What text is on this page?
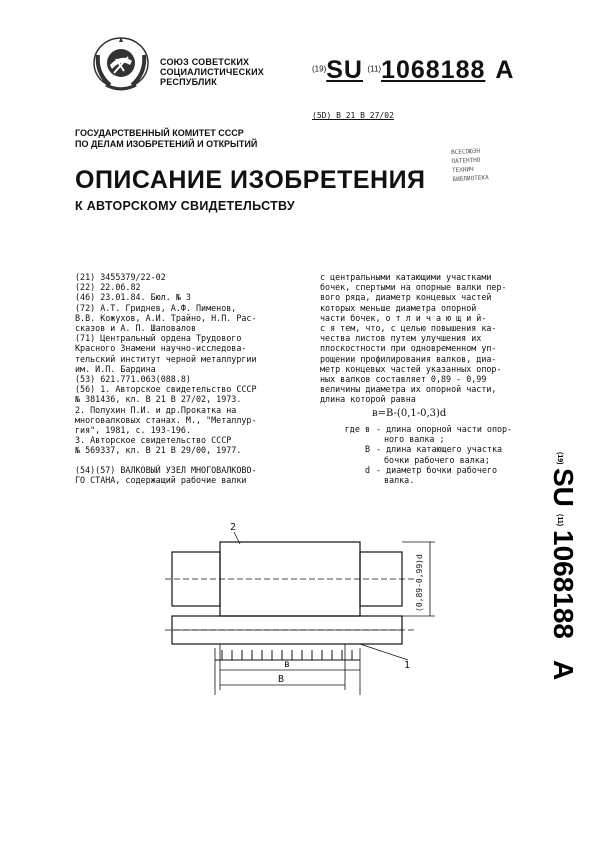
СОЮЗ СОВЕТСКИХ
СОЦИАЛИСТИЧЕСКИХ
РЕСПУБЛИК
$^{(19)}$SU $^{(11)}$1068188 A
(5D) B 21 B 27/02
ГОСУДАРСТВЕННЫЙ КОМИТЕТ СССР
ПО ДЕЛАМ ИЗОБРЕТЕНИЙ И ОТКРЫТИЙ
ВСЕСОЮЗН
ПАТЕНТНО
ТЕХНИЧ
БИБЛИОТЕКА
ОПИСАНИЕ ИЗОБРЕТЕНИЯ
К АВТОРСКОМУ СВИДЕТЕЛЬСТВУ
(21) 3455379/22-02
(22) 22.06.82
(46) 23.01.84. Бюл. № 3
(72) А.Т. Гриднев, А.Ф. Пименов,
В.В. Кожухов, А.И. Трайно, Н.П. Рас-
сказов и А. П. Шаповалов
(71) Центральный ордена Трудового
Красного Знамени научно-исследова-
тельский институт черной металлургии
им. И.П. Бардина
(53) 621.771.063(088.8)
(56) 1. Авторское свидетельство СССР
№ 381436, кл. В 21 В 27/02, 1973.
2. Полухин П.И. и др.Прокатка на
многовалковых станах. М., "Металлур-
гия", 1981, с. 193-196.
3. Авторское свидетельство СССР
№ 569337, кл. В 21 В 29/00, 1977.
(54)(57) ВАЛКОВЫЙ УЗЕЛ МНОГОВАЛКОВО-
ГО СТАНА, содержащий рабочие валки
с центральными катающими участками
бочек, спертыми на опорные валки пер-
вого ряда, диаметр концевых частей
которых меньше диаметра опорной
части бочек, о т л и ч а ю щ и й-
с я тем, что, с целью повышения ка-
чества листов путем улучшения их
плоскостности при одновременном уп-
рощении профилирования валков, диа-
метр концевых частей указанных опор-
ных валков составляет 0,89 - 0,99
величины диаметра их опорной части,
длина которой равна
в=B-(0,1-0,3)d
где в	- длина опорной части опор-
ного валка ;

В	- длина катающего участка
бочки рабочего валка;

d	- диаметр бочки рабочего
валка.
(19)
SU
(11)
1068188
A
2
1
в
В
(0,89-0,99)d
